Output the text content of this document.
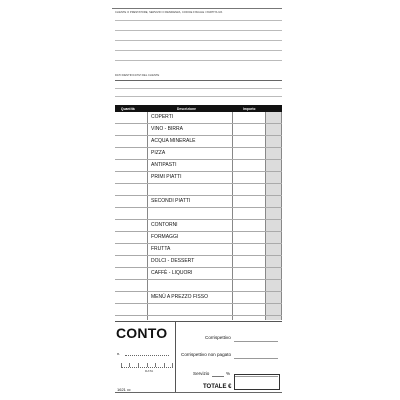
CLIENTE O PRESTATORE, SERVIZIO O RESIDENZA, CODICE FISCALE / PARTITA IVA
DATI IDENTIFICATIVI DEL CLIENTE
Quantità	Descrizione	Importo
COPERTI
VINO - BIRRA
ACQUA MINERALE
PIZZA
ANTIPASTI
PRIMI PIATTI
SECONDI PIATTI
CONTORNI
FORMAGGI
FRUTTA
DOLCI - DESSERT
CAFFÈ - LIQUORI
MENÙ A PREZZO FISSO
CONTO
n.
DATA
1621 00
Corrispettivo
Corrispettivo non pagato
Servizio	%
TOTALE €
